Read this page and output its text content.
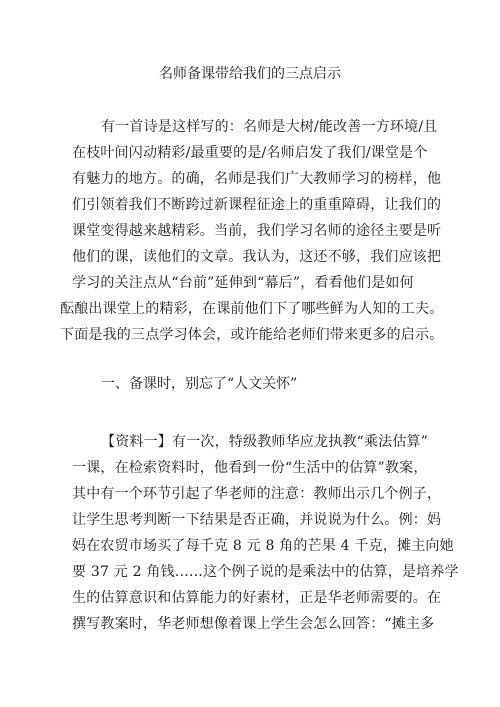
名师备课带给我们的三点启示
有一首诗是这样写的：名师是大树/能改善一方环境/且
在枝叶间闪动精彩/最重要的是/名师启发了我们/课堂是个
有魅力的地方。的确，名师是我们广大教师学习的榜样，他
们引领着我们不断跨过新课程征途上的重重障碍，让我们的
课堂变得越来越精彩。当前，我们学习名师的途径主要是听
他们的课，读他们的文章。我认为，这还不够，我们应该把
学习的关注点从“台前”延伸到“幕后”，看看他们是如何
酝酿出课堂上的精彩，在课前他们下了哪些鲜为人知的工夫。
下面是我的三点学习体会，或许能给老师们带来更多的启示。
一、备课时，别忘了“人文关怀”
【资料一】有一次，特级教师华应龙执教“乘法估算”
一课，在检索资料时，他看到一份“生活中的估算”教案，
其中有一个环节引起了华老师的注意：教师出示几个例子，
让学生思考判断一下结果是否正确，并说说为什么。例：妈
妈在农贸市场买了每千克 8 元 8 角的芒果 4 千克，摊主向她
要 37 元 2 角钱……这个例子说的是乘法中的估算，是培养学
生的估算意识和估算能力的好素材，正是华老师需要的。在
撰写教案时，华老师想像着课上学生会怎么回答：“摊主多
